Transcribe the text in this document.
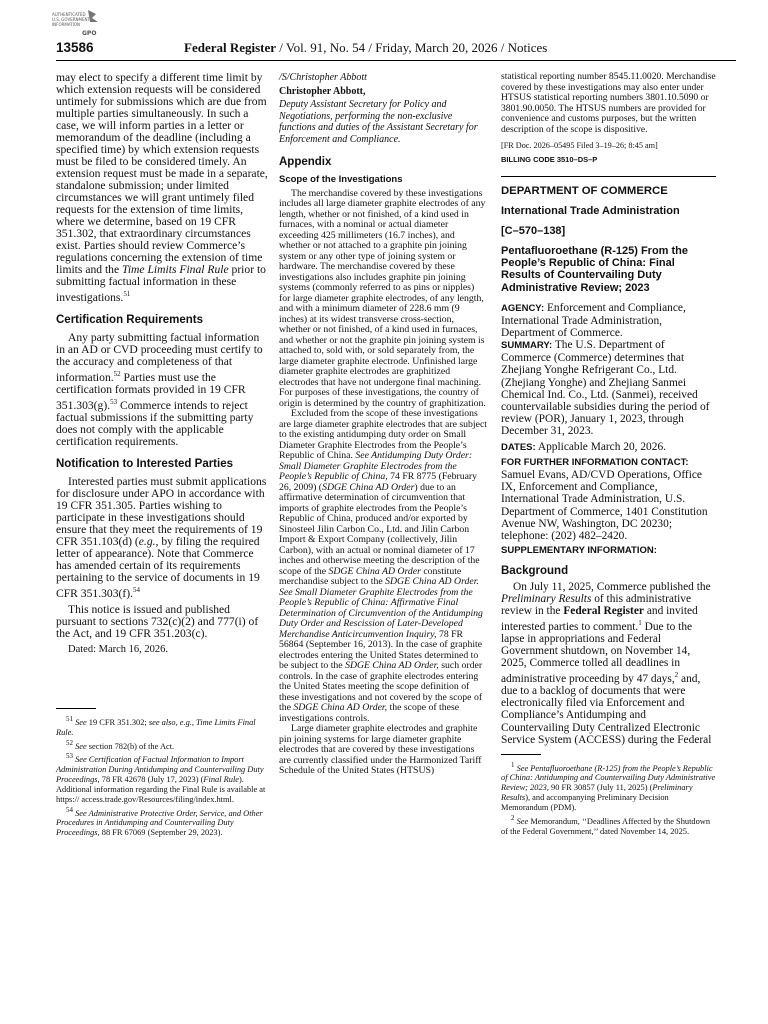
AUTHENTICATED
U.S. GOVERNMENT
INFORMATION
GPO
13586	Federal Register / Vol. 91, No. 54 / Friday, March 20, 2026 / Notices

may elect to specify a different time limit by which extension requests will be considered untimely for submissions which are due from multiple parties simultaneously. In such a case, we will inform parties in a letter or memorandum of the deadline (including a specified time) by which extension requests must be filed to be considered timely. An extension request must be made in a separate, standalone submission; under limited circumstances we will grant untimely filed requests for the extension of time limits, where we determine, based on 19 CFR 351.302, that extraordinary circumstances exist. Parties should review Commerce’s regulations concerning the extension of time limits and the Time Limits Final Rule prior to submitting factual information in these investigations.$^{51}$

Certification Requirements

Any party submitting factual information in an AD or CVD proceeding must certify to the accuracy and completeness of that information.$^{52}$ Parties must use the certification formats provided in 19 CFR 351.303(g).$^{53}$ Commerce intends to reject factual submissions if the submitting party does not comply with the applicable certification requirements.

Notification to Interested Parties

Interested parties must submit applications for disclosure under APO in accordance with 19 CFR 351.305. Parties wishing to participate in these investigations should ensure that they meet the requirements of 19 CFR 351.103(d) (e.g., by filing the required letter of appearance). Note that Commerce has amended certain of its requirements pertaining to the service of documents in 19 CFR 351.303(f).$^{54}$

This notice is issued and published pursuant to sections 732(c)(2) and 777(i) of the Act, and 19 CFR 351.203(c).

Dated: March 16, 2026.

$^{51}$ See 19 CFR 351.302; see also, e.g., Time Limits Final Rule.

$^{52}$ See section 782(b) of the Act.

$^{53}$ See Certification of Factual Information to Import Administration During Antidumping and Countervailing Duty Proceedings, 78 FR 42678 (July 17, 2023) (Final Rule). Additional information regarding the Final Rule is available at https:// access.trade.gov/Resources/filing/index.html.

$^{54}$ See Administrative Protective Order, Service, and Other Procedures in Antidumping and Countervailing Duty Proceedings, 88 FR 67069 (September 29, 2023).

/S/Christopher Abbott

Christopher Abbott,

Deputy Assistant Secretary for Policy and Negotiations, performing the non-exclusive functions and duties of the Assistant Secretary for Enforcement and Compliance.

Appendix
Scope of the Investigations

The merchandise covered by these investigations includes all large diameter graphite electrodes of any length, whether or not finished, of a kind used in furnaces, with a nominal or actual diameter exceeding 425 millimeters (16.7 inches), and whether or not attached to a graphite pin joining system or any other type of joining system or hardware. The merchandise covered by these investigations also includes graphite pin joining systems (commonly referred to as pins or nipples) for large diameter graphite electrodes, of any length, and with a minimum diameter of 228.6 mm (9 inches) at its widest transverse cross-section, whether or not finished, of a kind used in furnaces, and whether or not the graphite pin joining system is attached to, sold with, or sold separately from, the large diameter graphite electrode. Unfinished large diameter graphite electrodes are graphitized electrodes that have not undergone final machining. For purposes of these investigations, the country of origin is determined by the country of graphitization.

Excluded from the scope of these investigations are large diameter graphite electrodes that are subject to the existing antidumping duty order on Small Diameter Graphite Electrodes from the People’s Republic of China. See Antidumping Duty Order: Small Diameter Graphite Electrodes from the People’s Republic of China, 74 FR 8775 (February 26, 2009) (SDGE China AD Order) due to an affirmative determination of circumvention that imports of graphite electrodes from the People’s Republic of China, produced and/or exported by Sinosteel Jilin Carbon Co., Ltd. and Jilin Carbon Import & Export Company (collectively, Jilin Carbon), with an actual or nominal diameter of 17 inches and otherwise meeting the description of the scope of the SDGE China AD Order constitute merchandise subject to the SDGE China AD Order. See Small Diameter Graphite Electrodes from the People’s Republic of China: Affirmative Final Determination of Circumvention of the Antidumping Duty Order and Rescission of Later-Developed Merchandise Anticircumvention Inquiry, 78 FR 56864 (September 16, 2013). In the case of graphite electrodes entering the United States determined to be subject to the SDGE China AD Order, such order controls. In the case of graphite electrodes entering the United States meeting the scope definition of these investigations and not covered by the scope of the SDGE China AD Order, the scope of these investigations controls.

Large diameter graphite electrodes and graphite pin joining systems for large diameter graphite electrodes that are covered by these investigations are currently classified under the Harmonized Tariff Schedule of the United States (HTSUS)

statistical reporting number 8545.11.0020. Merchandise covered by these investigations may also enter under HTSUS statistical reporting numbers 3801.10.5090 or 3801.90.0050. The HTSUS numbers are provided for convenience and customs purposes, but the written description of the scope is dispositive.

[FR Doc. 2026–05495 Filed 3–19–26; 8:45 am]

BILLING CODE 3510–DS–P

DEPARTMENT OF COMMERCE
International Trade Administration
[C–570–138]
Pentafluoroethane (R-125) From the People’s Republic of China: Final Results of Countervailing Duty Administrative Review; 2023

AGENCY: Enforcement and Compliance, International Trade Administration, Department of Commerce.

SUMMARY: The U.S. Department of Commerce (Commerce) determines that Zhejiang Yonghe Refrigerant Co., Ltd. (Zhejiang Yonghe) and Zhejiang Sanmei Chemical Ind. Co., Ltd. (Sanmei), received countervailable subsidies during the period of review (POR), January 1, 2023, through December 31, 2023.

DATES: Applicable March 20, 2026.

FOR FURTHER INFORMATION CONTACT:

Samuel Evans, AD/CVD Operations, Office IX, Enforcement and Compliance, International Trade Administration, U.S. Department of Commerce, 1401 Constitution Avenue NW, Washington, DC 20230; telephone: (202) 482–2420.

SUPPLEMENTARY INFORMATION:

Background

On July 11, 2025, Commerce published the Preliminary Results of this administrative review in the Federal Register and invited interested parties to comment.$^1$ Due to the lapse in appropriations and Federal Government shutdown, on November 14, 2025, Commerce tolled all deadlines in administrative proceeding by 47 days,$^2$ and, due to a backlog of documents that were electronically filed via Enforcement and Compliance’s Antidumping and Countervailing Duty Centralized Electronic Service System (ACCESS) during the Federal

$^1$ See Pentafluoroethane (R-125) from the People’s Republic of China: Antidumping and Countervailing Duty Administrative Review; 2023, 90 FR 30857 (July 11, 2025) (Preliminary Results), and accompanying Preliminary Decision Memorandum (PDM).

$^2$ See Memorandum, ‘‘Deadlines Affected by the Shutdown of the Federal Government,’’ dated November 14, 2025.
